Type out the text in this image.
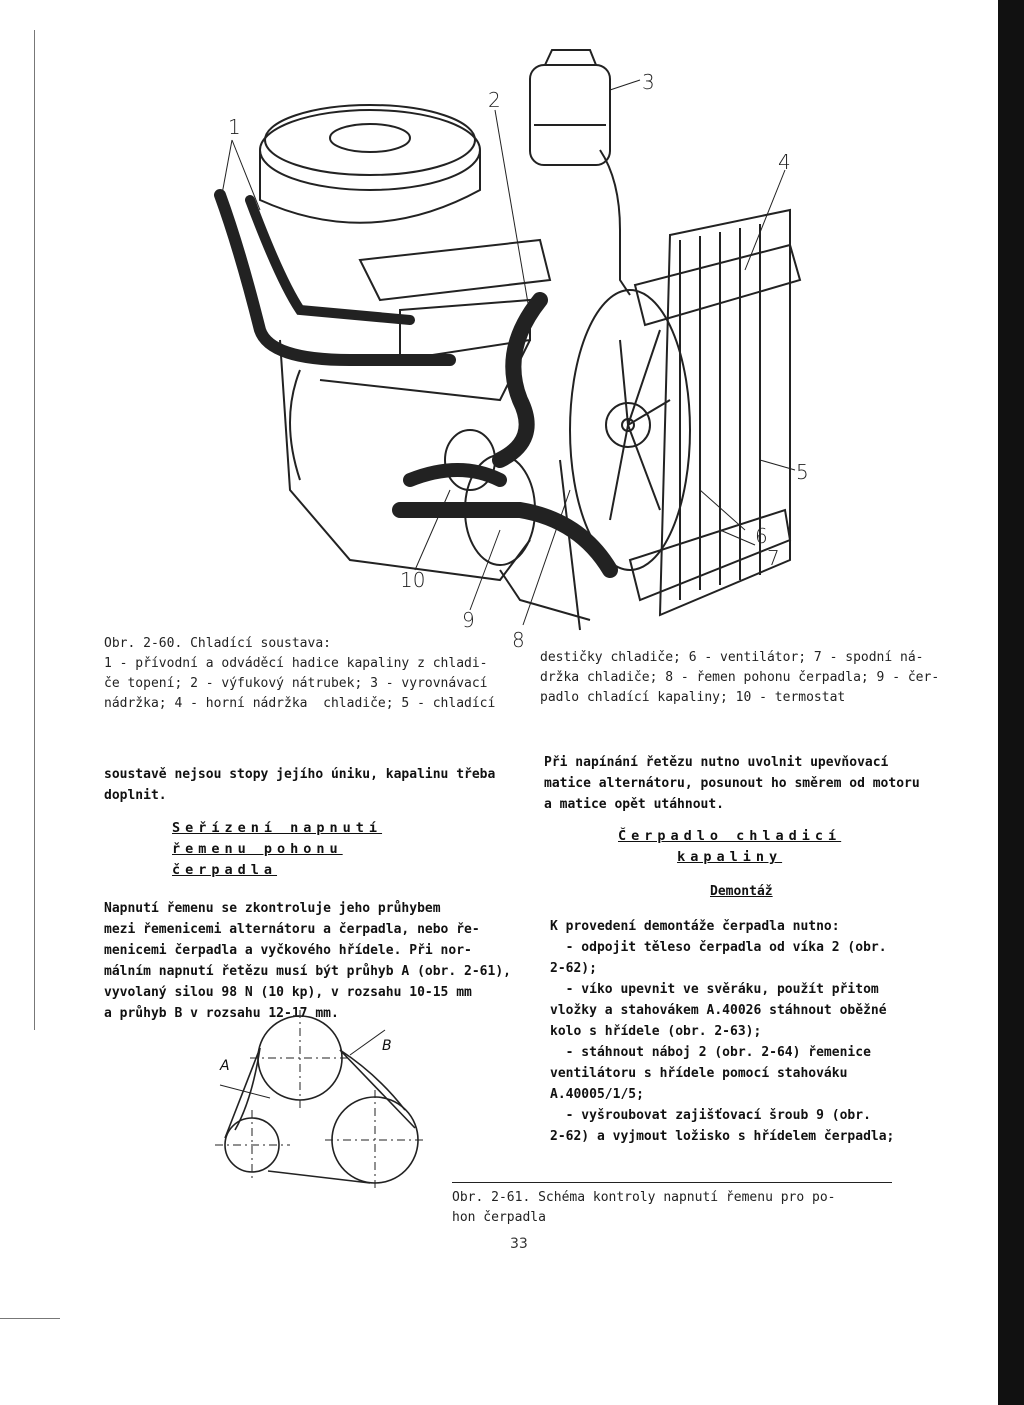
1
2
3
4
5
6
7
8
9
10
Obr. 2-60. Chladící soustava:
1 - přívodní a odváděcí hadice kapaliny z chladi-
če topení; 2 - výfukový nátrubek; 3 - vyrovnávací
nádržka; 4 - horní nádržka  chladiče; 5 - chladící
destičky chladiče; 6 - ventilátor; 7 - spodní ná-
držka chladiče; 8 - řemen pohonu čerpadla; 9 - čer-
padlo chladící kapaliny; 10 - termostat
soustavě nejsou stopy jejího úniku, kapalinu třeba
doplnit.
Seřízení napnutí
řemenu pohonu
čerpadla
Napnutí řemenu se zkontroluje jeho průhybem
mezi řemenicemi alternátoru a čerpadla, nebo ře-
menicemi čerpadla a vyčkového hřídele. Při nor-
málním napnutí řetězu musí být průhyb A (obr. 2-61),
vyvolaný silou 98 N (10 kp), v rozsahu 10-15 mm
a průhyb B v rozsahu 12-17 mm.
A
B
Při napínání řetězu nutno uvolnit upevňovací
matice alternátoru, posunout ho směrem od motoru
a matice opět utáhnout.
Čerpadlo chladicí
kapaliny
Demontáž
K provedení demontáže čerpadla nutno:
- odpojit těleso čerpadla od víka 2 (obr.
2-62);
- víko upevnit ve svěráku, použít přitom
vložky a stahovákem A.40026 stáhnout oběžné
kolo s hřídele (obr. 2-63);
- stáhnout náboj 2 (obr. 2-64) řemenice
ventilátoru s hřídele pomocí stahováku
A.40005/1/5;
- vyšroubovat zajišťovací šroub 9 (obr.
2-62) a vyjmout ložisko s hřídelem čerpadla;
Obr. 2-61. Schéma kontroly napnutí řemenu pro po-
hon čerpadla
33
